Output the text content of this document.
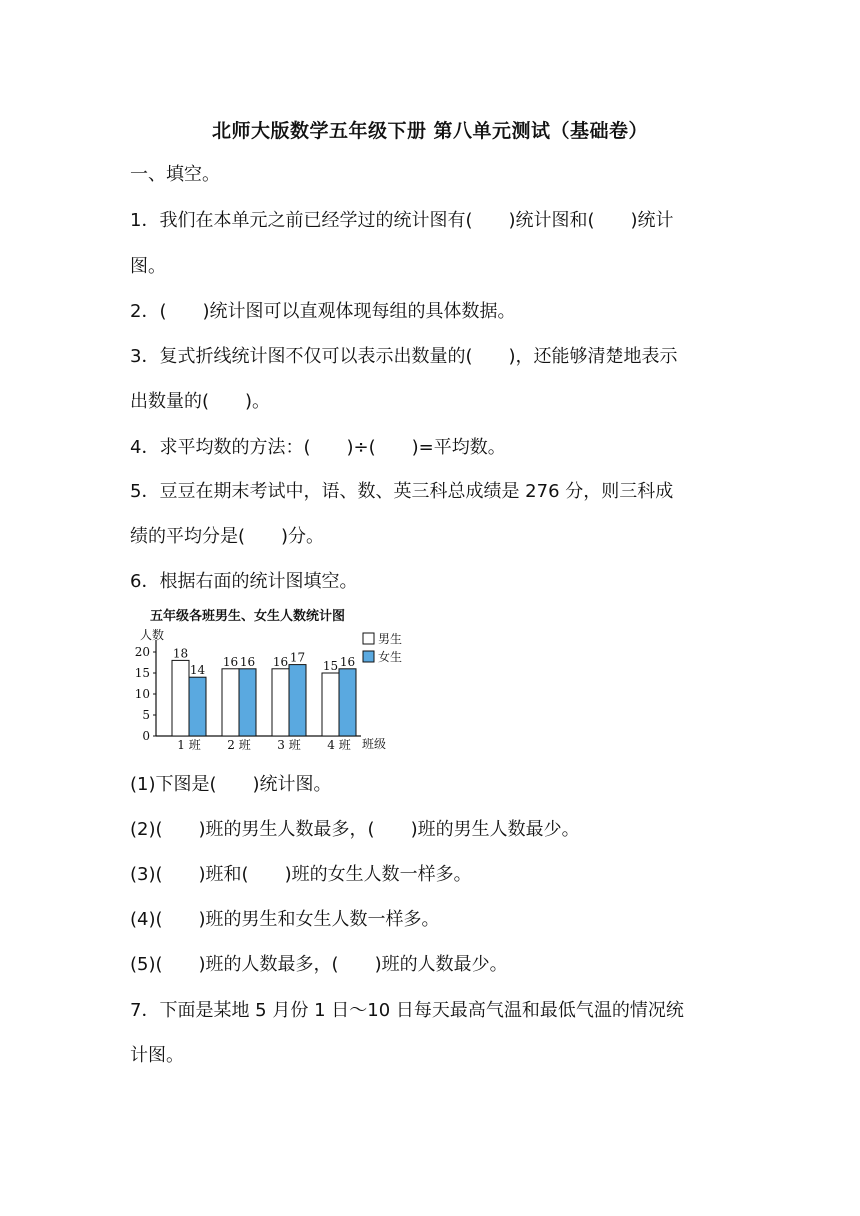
北师大版数学五年级下册 第八单元测试（基础卷）
一、填空。
1．我们在本单元之前已经学过的统计图有(　　)统计图和(　　)统计
图。
2．(　　)统计图可以直观体现每组的具体数据。
3．复式折线统计图不仅可以表示出数量的(　　)，还能够清楚地表示
出数量的(　　)。
4．求平均数的方法：(　　)÷(　　)=平均数。
5．豆豆在期末考试中，语、数、英三科总成绩是 276 分，则三科成
绩的平均分是(　　)分。
6．根据右面的统计图填空。
五年级各班男生、女生人数统计图
人数
班级
男生
女生
0
5
10
15
20
1 班 2 班 3 班 4 班
18
14
16 16 16 17
15 16
(1)下图是(　　)统计图。
(2)(　　)班的男生人数最多，(　　)班的男生人数最少。
(3)(　　)班和(　　)班的女生人数一样多。
(4)(　　)班的男生和女生人数一样多。
(5)(　　)班的人数最多，(　　)班的人数最少。
7．下面是某地 5 月份 1 日～10 日每天最高气温和最低气温的情况统
计图。
